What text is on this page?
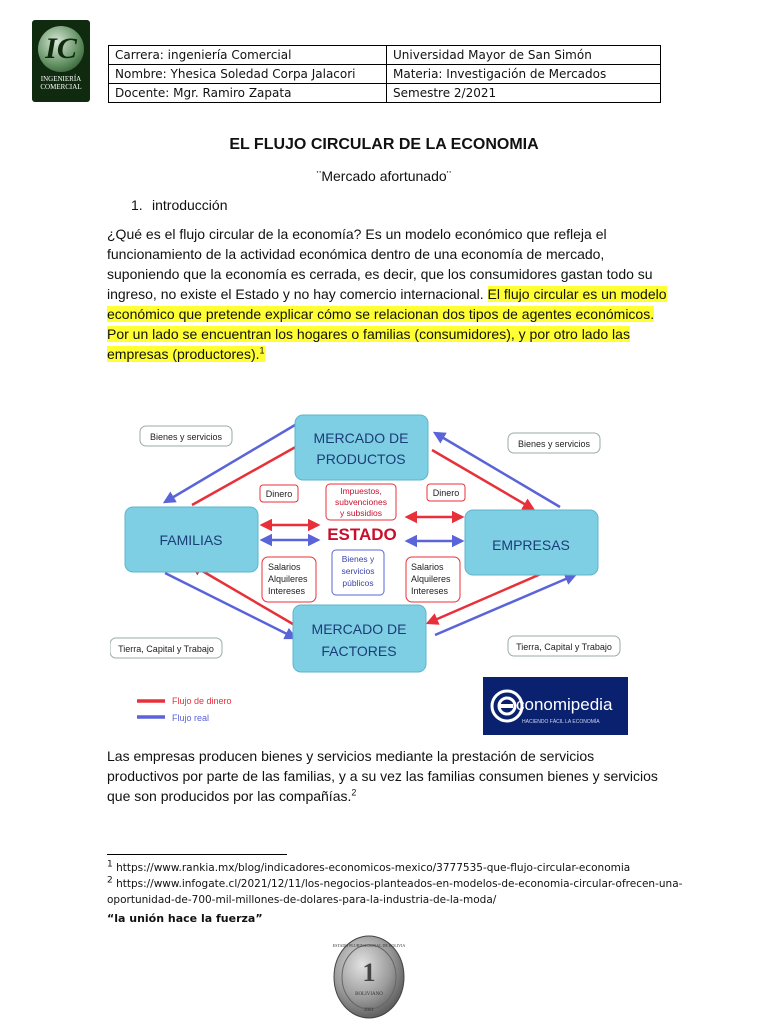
IC
INGENIERÍA
COMERCIAL
Carrera: ingeniería Comercial	Universidad Mayor de San Simón
Nombre: Yhesica Soledad Corpa Jalacori	Materia: Investigación de Mercados
Docente: Mgr. Ramiro Zapata	Semestre 2/2021
EL FLUJO CIRCULAR DE LA ECONOMIA
¨Mercado afortunado¨
1. introducción
¿Qué es el flujo circular de la economía? Es un modelo económico que refleja el funcionamiento de la actividad económica dentro de una economía de mercado, suponiendo que la economía es cerrada, es decir, que los consumidores gastan todo su ingreso, no existe el Estado y no hay comercio internacional. El flujo circular es un modelo económico que pretende explicar cómo se relacionan dos tipos de agentes económicos. Por un lado se encuentran los hogares o familias (consumidores), y por otro lado las empresas (productores).$^1$
MERCADO DE
PRODUCTOS
FAMILIAS	EMPRESAS
MERCADO DE
FACTORES
ESTADO
Bienes y servicios
Bienes y servicios
Dinero	Dinero
Impuestos,
subvenciones
y subsidios
Bienes y
servicios
públicos
Salarios
Alquileres
Intereses
Salarios
Alquileres
Intereses
Tierra, Capital y Trabajo	Tierra, Capital y Trabajo
Flujo de dinero
Flujo real
conomipedia
HACIENDO FÁCIL LA ECONOMÍA
Las empresas producen bienes y servicios mediante la prestación de servicios productivos por parte de las familias, y a su vez las familias consumen bienes y servicios que son producidos por las compañías.$^2$
$^1$ https://www.rankia.mx/blog/indicadores-economicos-mexico/3777535-que-flujo-circular-economia
$^2$ https://www.infogate.cl/2021/12/11/los-negocios-planteados-en-modelos-de-economia-circular-ofrecen-una-oportunidad-de-700-mil-millones-de-dolares-para-la-industria-de-la-moda/
“la unión hace la fuerza”
1
BOLIVIANO
ESTADO PLURINACIONAL DE BOLIVIA
2001
